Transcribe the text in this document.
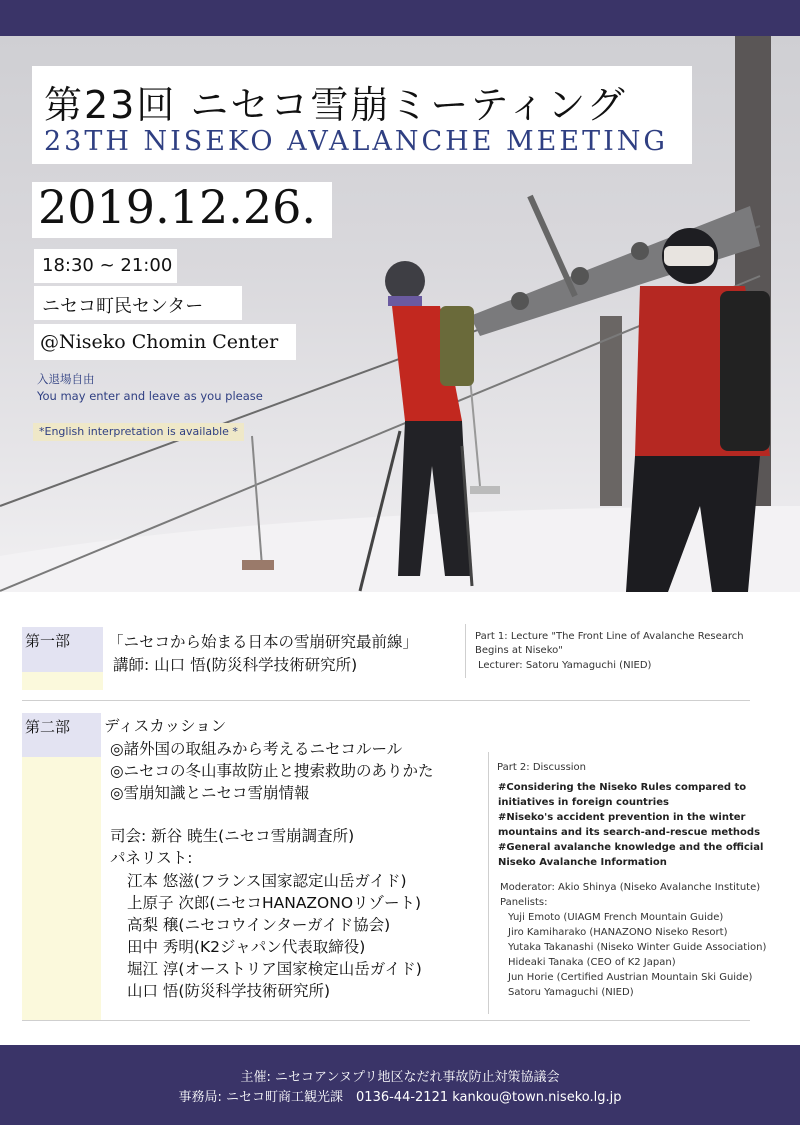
第23回 ニセコ雪崩ミーティング
23TH NISEKO AVALANCHE MEETING
2019.12.26.
18:30 ~ 21:00
ニセコ町民センター
@Niseko Chomin Center
入退場自由
You may enter and leave as you please
*English interpretation is available *
第一部 「ニセコから始まる日本の雪崩研究最前線」
講師: 山口 悟(防災科学技術研究所)
Part 1: Lecture "The Front Line of Avalanche Research
Begins at Niseko"
Lecturer: Satoru Yamaguchi (NIED)
第二部 ディスカッション
◎諸外国の取組みから考えるニセコルール
◎ニセコの冬山事故防止と捜索救助のありかた
◎雪崩知識とニセコ雪崩情報
司会: 新谷 暁生(ニセコ雪崩調査所)
パネリスト:
江本 悠滋(フランス国家認定山岳ガイド)
上原子 次郎(ニセコHANAZONOリゾート)
高梨 穣(ニセコウインターガイド協会)
田中 秀明(K2ジャパン代表取締役)
堀江 淳(オーストリア国家検定山岳ガイド)
山口 悟(防災科学技術研究所)
Part 2: Discussion
#Considering the Niseko Rules compared to
initiatives in foreign countries
#Niseko's accident prevention in the winter
mountains and its search-and-rescue methods
#General avalanche knowledge and the official
Niseko Avalanche Information
Moderator: Akio Shinya (Niseko Avalanche Institute)
Panelists:
Yuji Emoto (UIAGM French Mountain Guide)
Jiro Kamiharako (HANAZONO Niseko Resort)
Yutaka Takanashi (Niseko Winter Guide Association)
Hideaki Tanaka (CEO of K2 Japan)
Jun Horie (Certified Austrian Mountain Ski Guide)
Satoru Yamaguchi (NIED)
主催: ニセコアンヌプリ地区なだれ事故防止対策協議会
事務局: ニセコ町商工観光課　0136-44-2121 kankou@town.niseko.lg.jp
